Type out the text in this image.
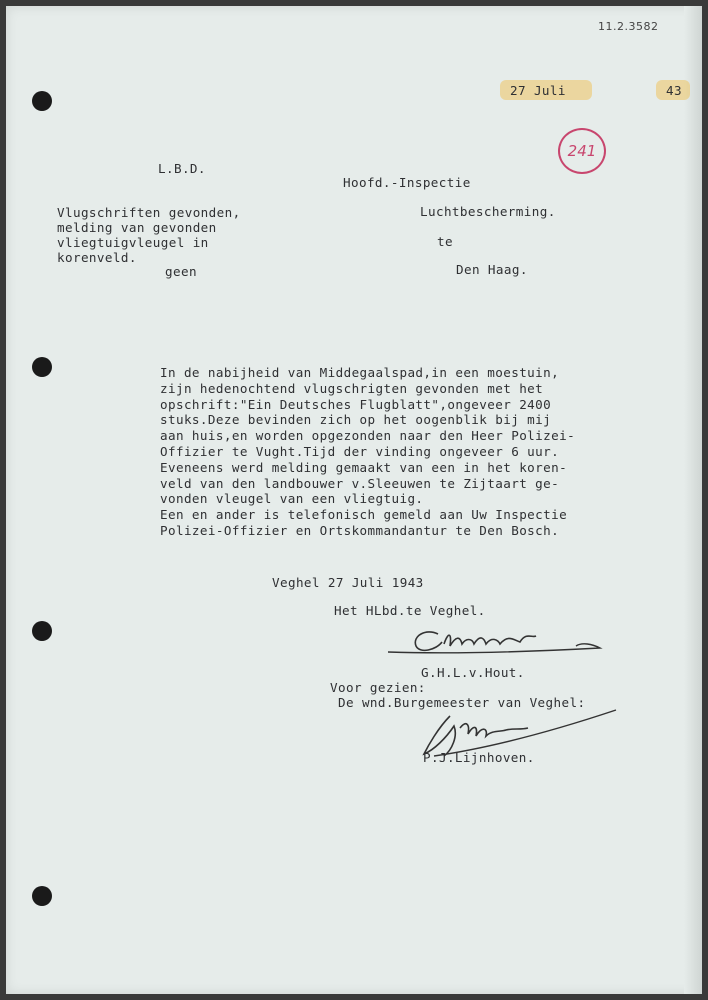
11.2.3582
27 Juli	43
241
L.B.D.
Hoofd.-Inspectie
Luchtbescherming.
te
Den Haag.
Vlugschriften gevonden,
melding van gevonden
vliegtuigvleugel in
korenveld.
geen
In de nabijheid van Middegaalspad,in een moestuin,
zijn hedenochtend vlugschrigten gevonden met het
opschrift:"Ein Deutsches Flugblatt",ongeveer 2400
stuks.Deze bevinden zich op het oogenblik bij mij
aan huis,en worden opgezonden naar den Heer Polizei-
Offizier te Vught.Tijd der vinding ongeveer 6 uur.
Eveneens werd melding gemaakt van een in het koren-
veld van den landbouwer v.Sleeuwen te Zijtaart ge-
vonden vleugel van een vliegtuig.
Een en ander is telefonisch gemeld aan Uw Inspectie
Polizei-Offizier en Ortskommandantur te Den Bosch.
Veghel 27 Juli 1943
Het HLbd.te Veghel.
G.H.L.v.Hout.
Voor gezien:
De wnd.Burgemeester van Veghel:
P.J.Lijnhoven.
